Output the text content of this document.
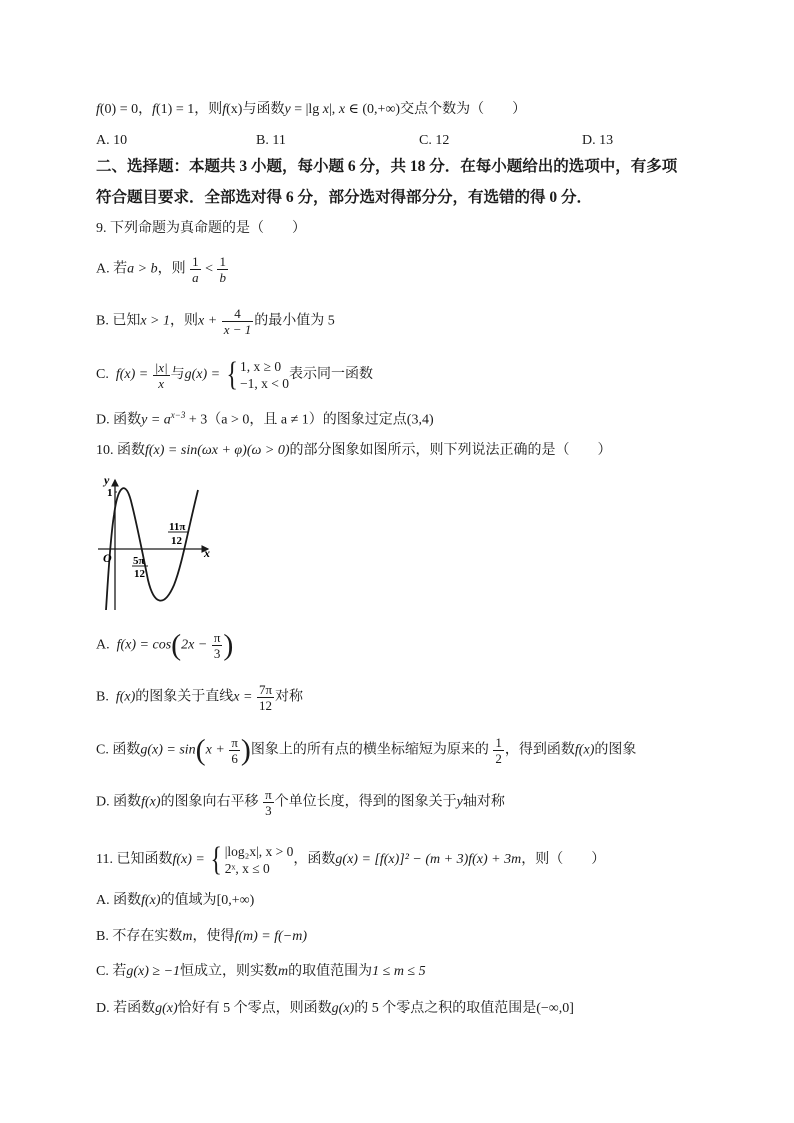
f(0) = 0，f(1) = 1，则f(x)与函数y = |lg x|, x ∈ (0,+∞)交点个数为（　　）
A. 10	B. 11	C. 12	D. 13
二、选择题：本题共 3 小题，每小题 6 分，共 18 分．在每小题给出的选项中，有多项
符合题目要求．全部选对得 6 分，部分选对得部分分，有选错的得 0 分．
9. 下列命题为真命题的是（　　）
A. 若a > b，则 $\frac{1}{a} < \frac{1}{b}$
B. 已知x > 1，则$x + \frac{4}{x - 1}$ 的最小值为 5
C. $f(x) = \frac{|x|}{x}$ 与g(x) = { 1, x ≥ 0
−1, x < 0
表示同一函数
D. 函数$y = a^{x-3} + 3(a > 0$，且 a ≠ 1）的图象过定点(3,4)
10. 函数f(x) = sin(ωx + φ)(ω > 0)的部分图象如图所示，则下列说法正确的是（　　）
y
1
x
O 5π
12
11π
12
A. $f(x) = \cos(2x - \frac{\pi}{3}$ )
B. f(x)的图象关于直线$x = \frac{7\pi}{12}$ 对称
C. 函数$g(x) = \sin(x + \frac{\pi}{6}$ )图象上的所有点的横坐标缩短为原来的 $\frac{1}{2}$ ，得到函数f(x)的图象
D. 函数f(x)的图象向右平移 $\frac{\pi}{3}$ 个单位长度，得到的图象关于y轴对称
11. 已知函数f(x) = { |log₂x|, x > 0
2ˣ, x ≤ 0
，函数g(x) = [f(x)]² − (m + 3)f(x) + 3m，则（　　）
A. 函数f(x)的值域为[0,+∞)
B. 不存在实数m，使得f(m) = f(−m)
C. 若g(x) ≥ −1恒成立，则实数m的取值范围为1 ≤ m ≤ 5
D. 若函数g(x)恰好有 5 个零点，则函数g(x)的 5 个零点之积的取值范围是(−∞,0]
